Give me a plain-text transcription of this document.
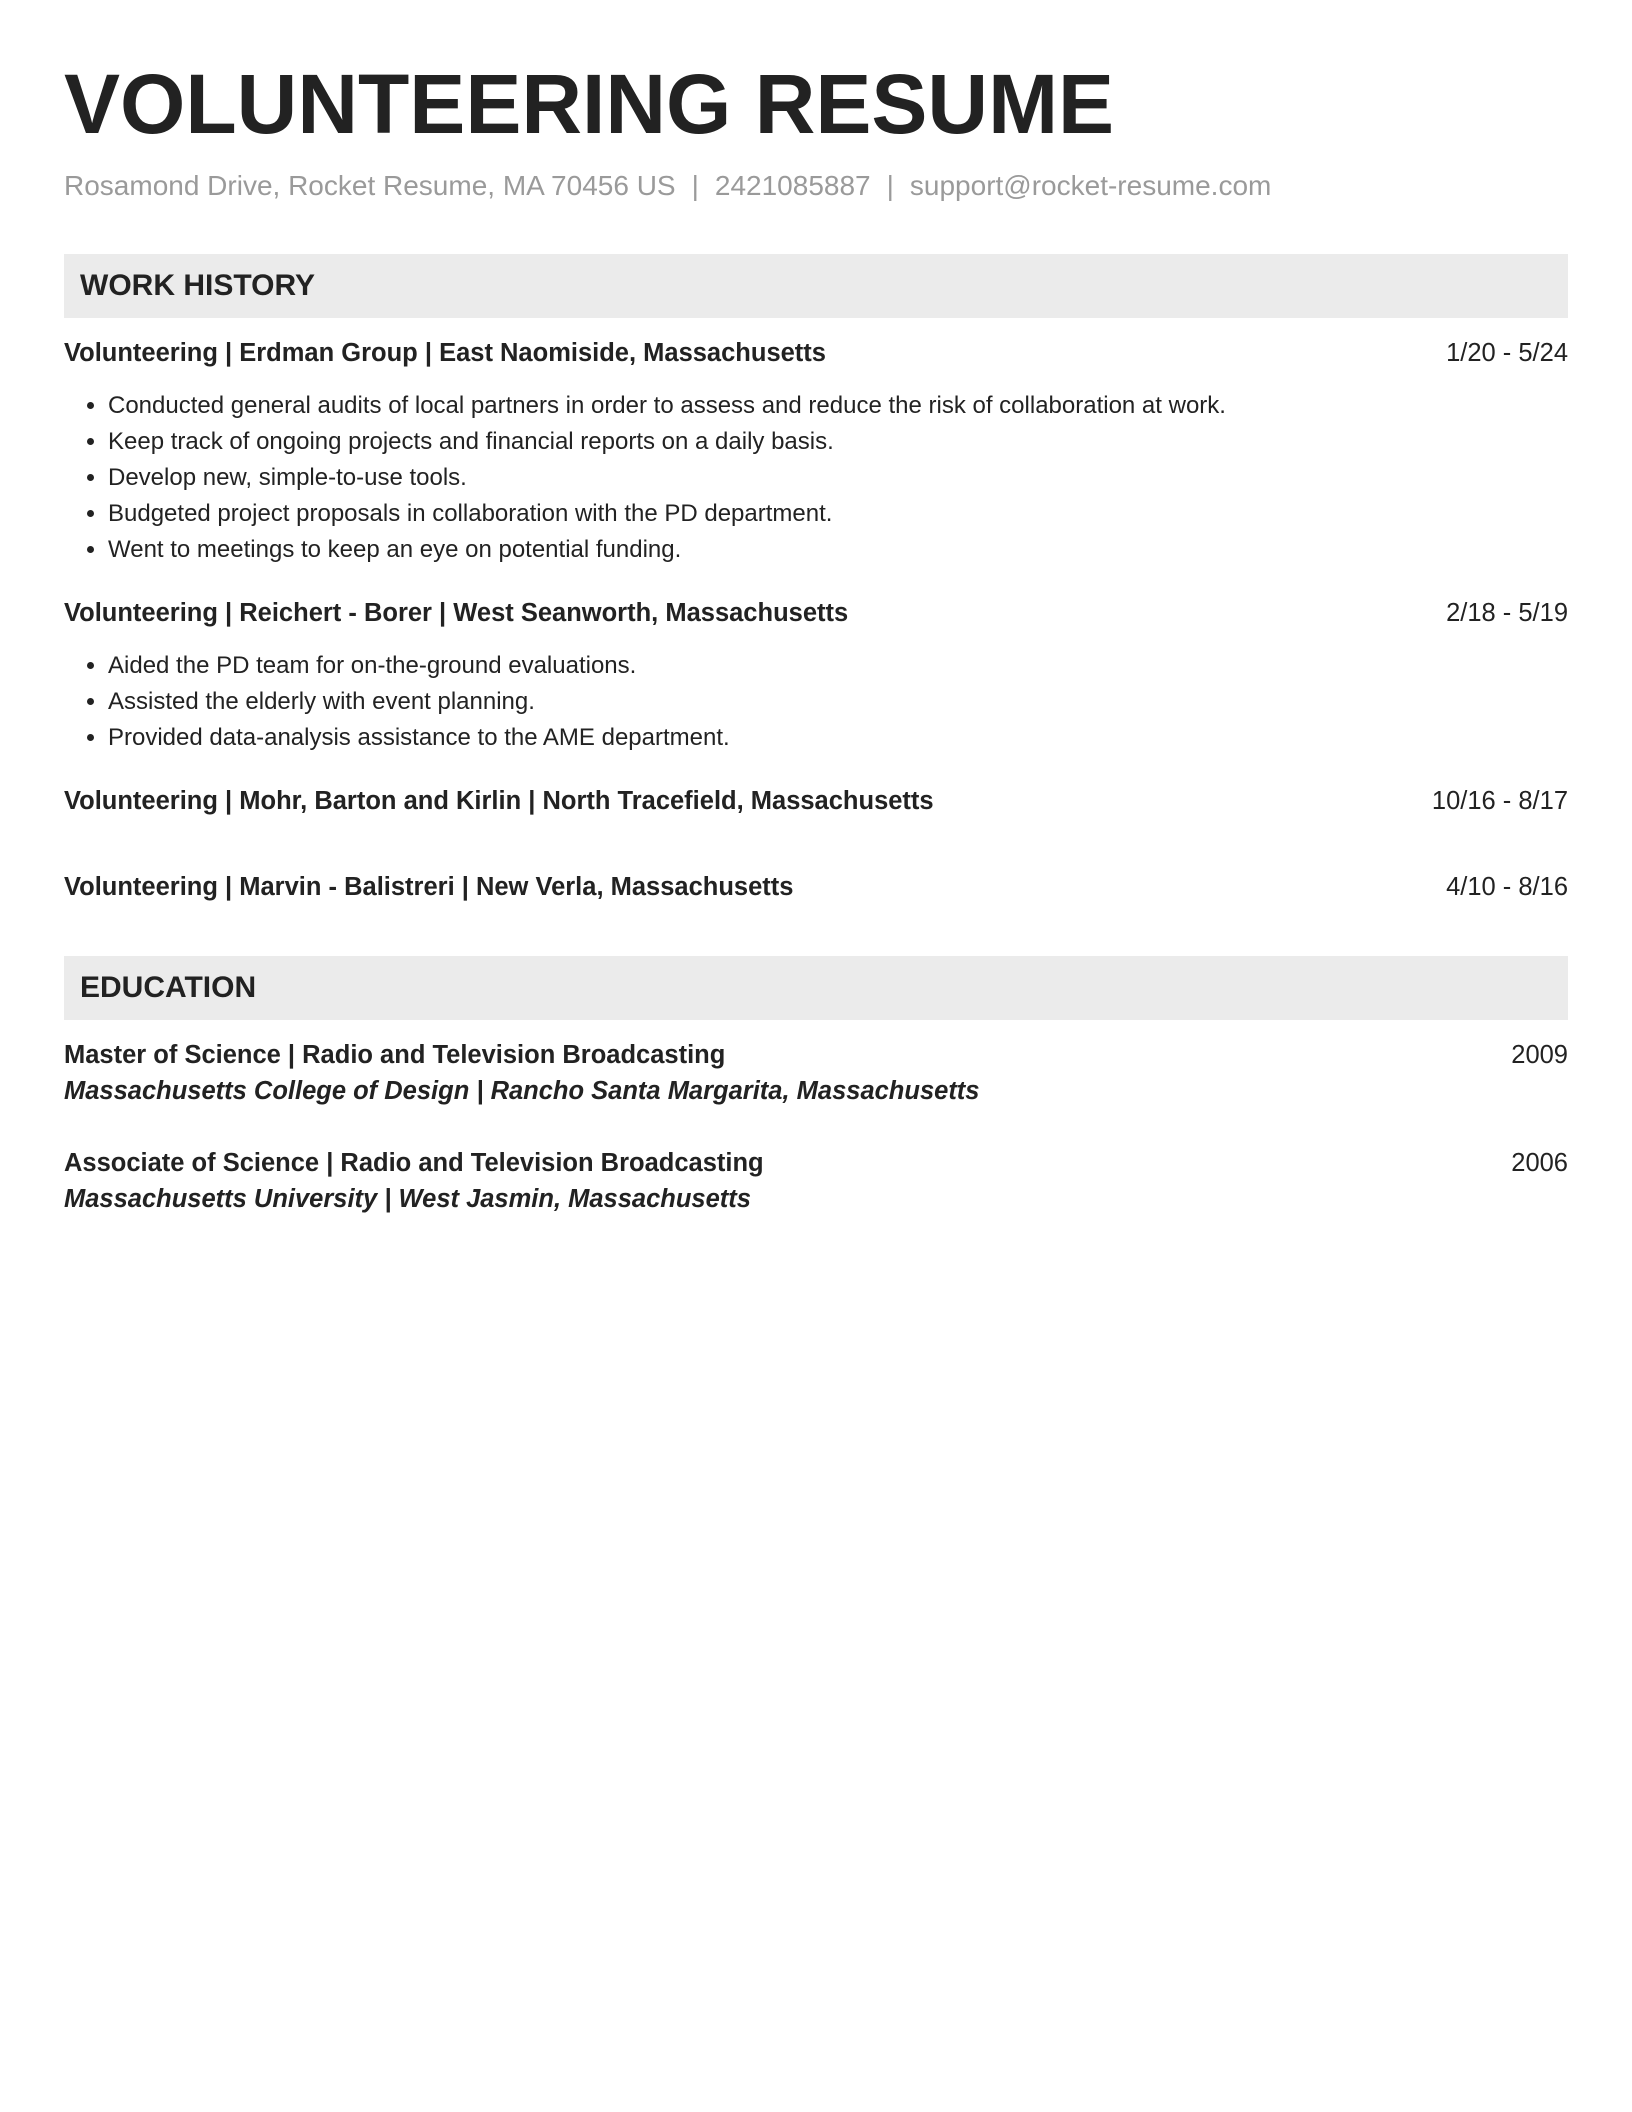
VOLUNTEERING RESUME
Rosamond Drive, Rocket Resume, MA 70456 US | 2421085887 | support@rocket-resume.com
WORK HISTORY
Volunteering | Erdman Group | East Naomiside, Massachusetts	1/20 - 5/24
• Conducted general audits of local partners in order to assess and reduce the risk of collaboration at work.
• Keep track of ongoing projects and financial reports on a daily basis.
• Develop new, simple-to-use tools.
• Budgeted project proposals in collaboration with the PD department.
• Went to meetings to keep an eye on potential funding.
Volunteering | Reichert - Borer | West Seanworth, Massachusetts	2/18 - 5/19
• Aided the PD team for on-the-ground evaluations.
• Assisted the elderly with event planning.
• Provided data-analysis assistance to the AME department.
Volunteering | Mohr, Barton and Kirlin | North Tracefield, Massachusetts	10/16 - 8/17
Volunteering | Marvin - Balistreri | New Verla, Massachusetts	4/10 - 8/16
EDUCATION
Master of Science | Radio and Television Broadcasting	2009
Massachusetts College of Design | Rancho Santa Margarita, Massachusetts
Associate of Science | Radio and Television Broadcasting	2006
Massachusetts University | West Jasmin, Massachusetts
